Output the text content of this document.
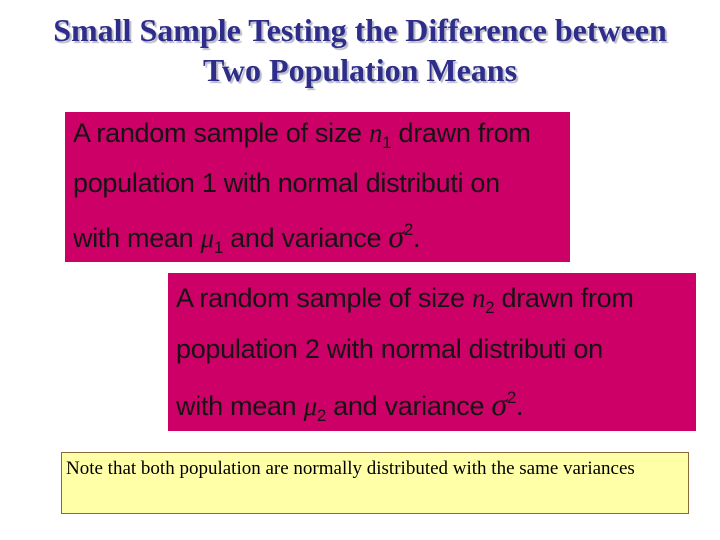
Small Sample Testing the Difference between
Two Population Means
A random sample of size $n_1$ drawn from
population 1 with normal distributi on
with mean $\mu_1$ and variance $\sigma^2$.
A random sample of size $n_2$ drawn from
population 2 with normal distributi on
with mean $\mu_2$ and variance $\sigma^2$.
Note that both population are normally distributed with the same variances
